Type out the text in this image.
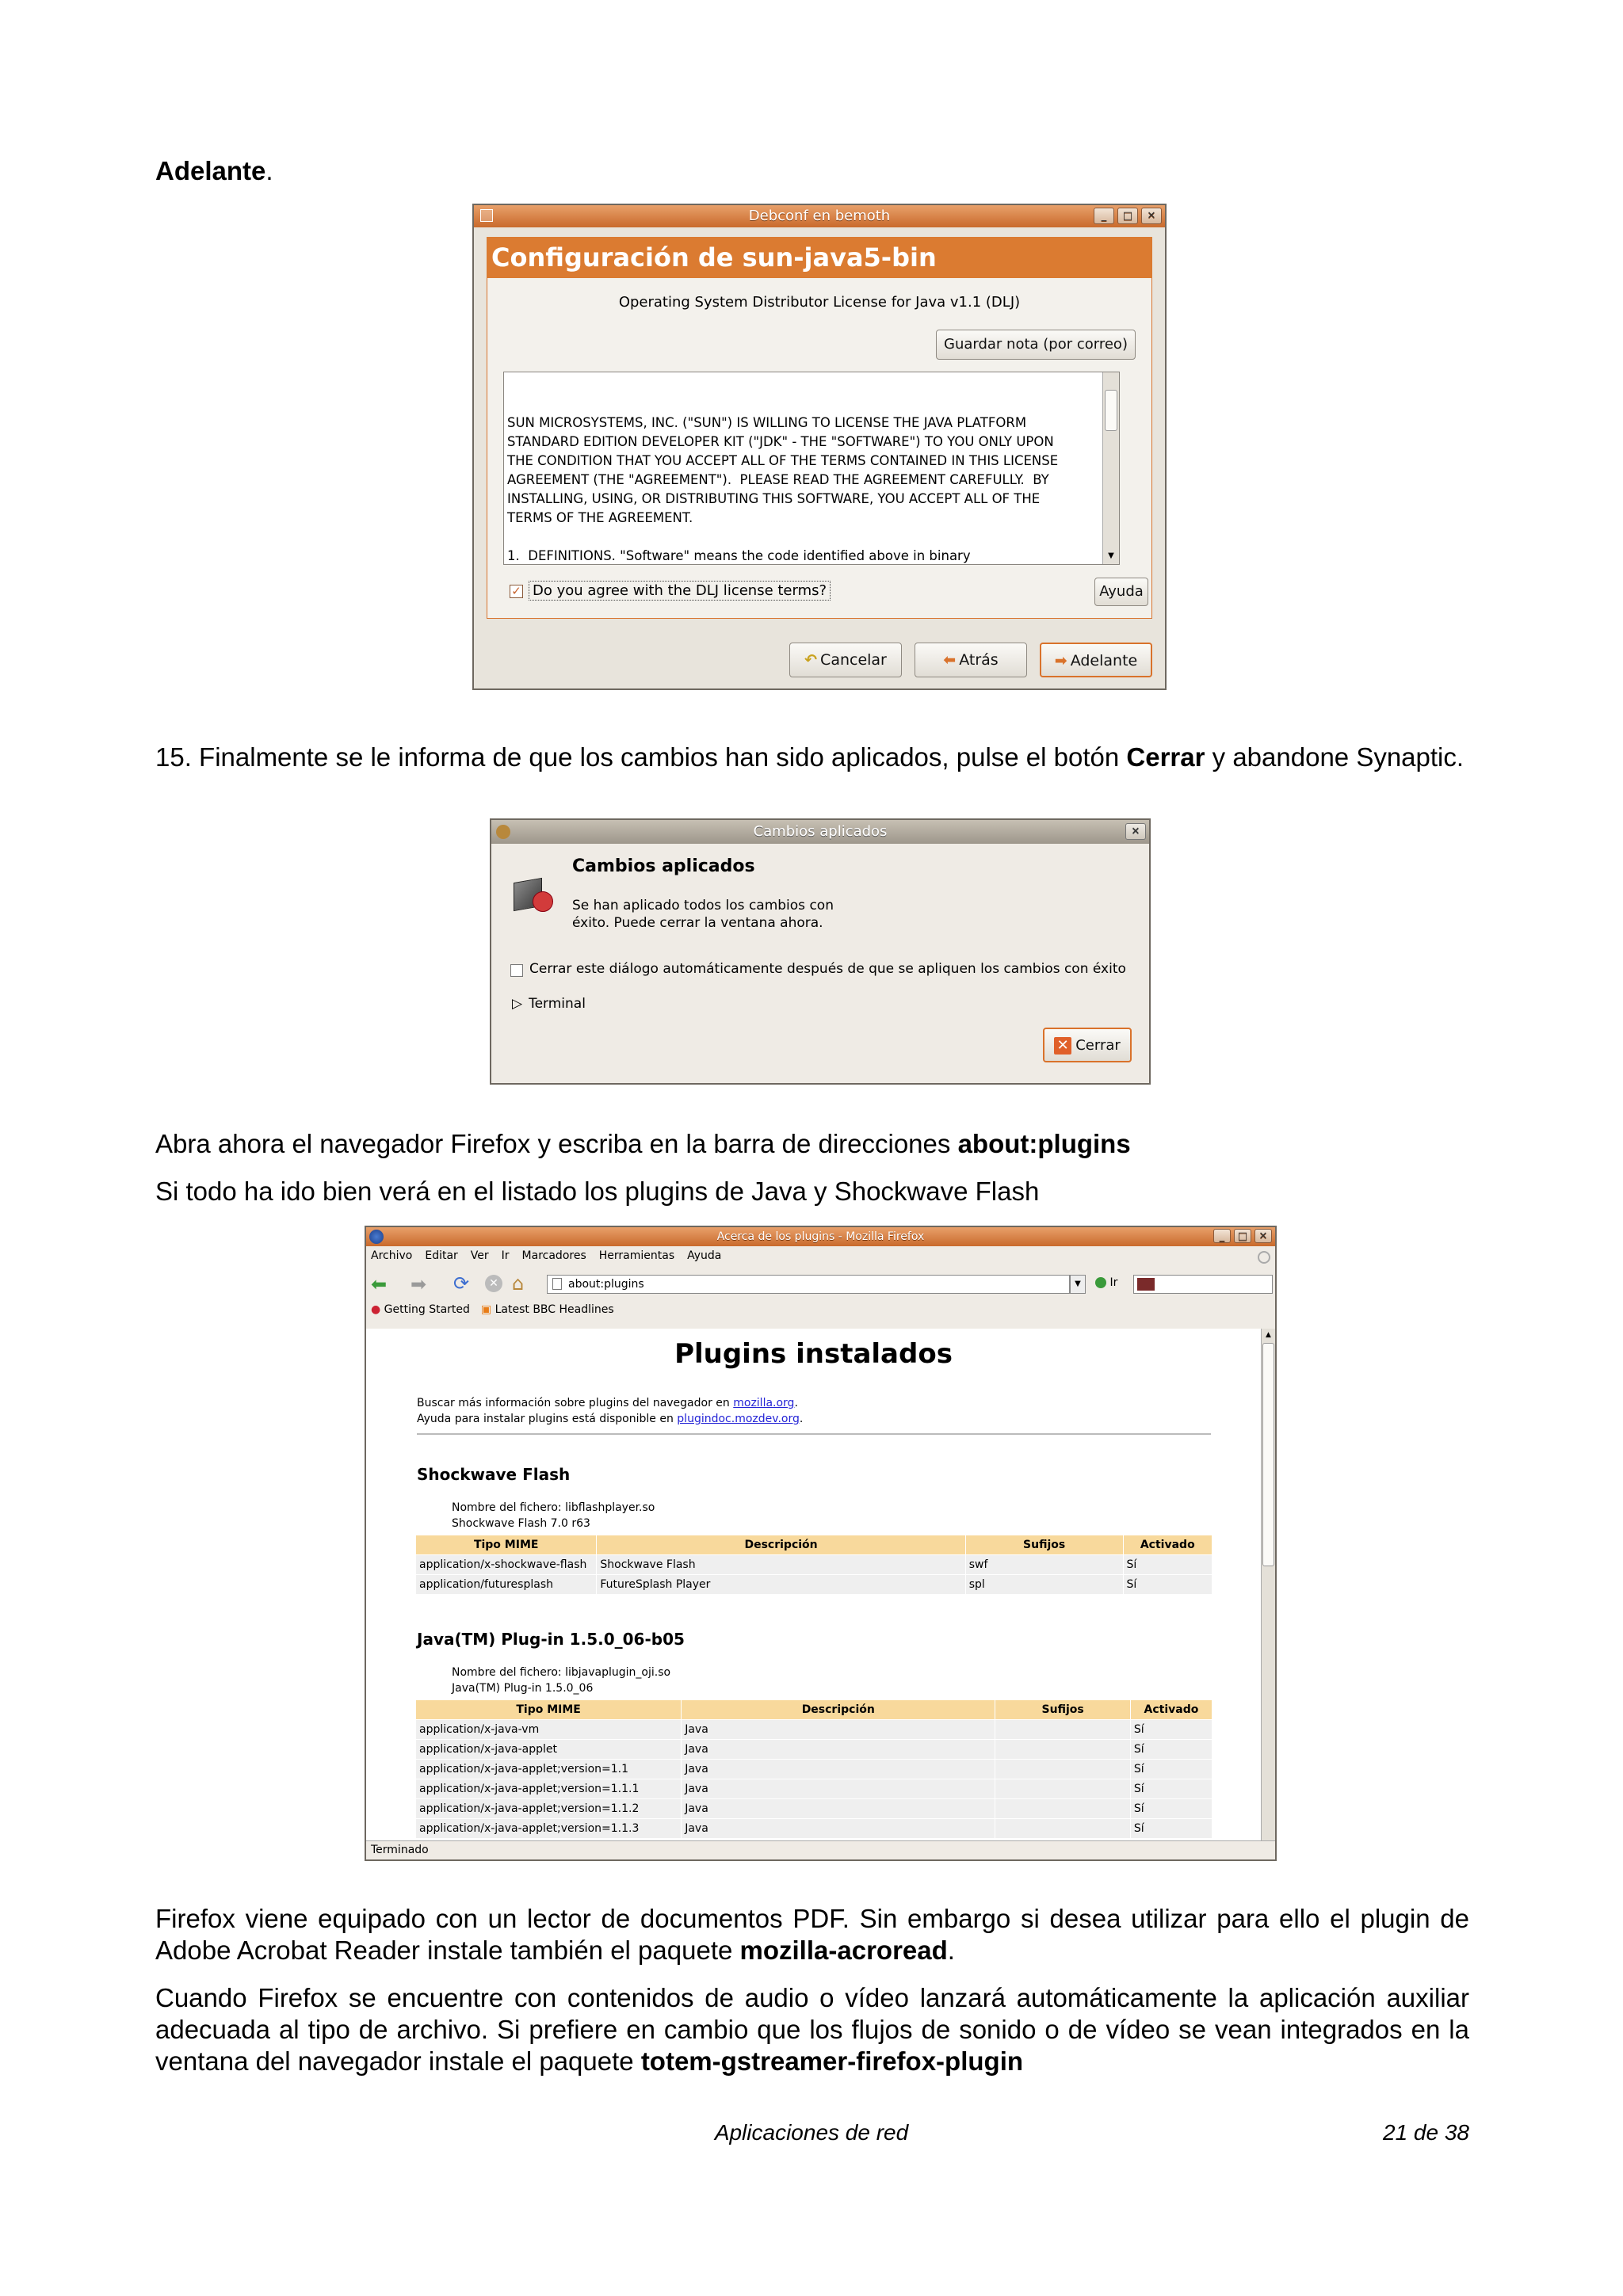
Adelante.

Debconf en bemoth	_	□	✕
Configuración de sun-java5-bin
Operating System Distributor License for Java v1.1 (DLJ)
Guardar nota (por correo)

SUN MICROSYSTEMS, INC. ("SUN") IS WILLING TO LICENSE THE JAVA PLATFORM
STANDARD EDITION DEVELOPER KIT ("JDK" - THE "SOFTWARE") TO YOU ONLY UPON
THE CONDITION THAT YOU ACCEPT ALL OF THE TERMS CONTAINED IN THIS LICENSE
AGREEMENT (THE "AGREEMENT").  PLEASE READ THE AGREEMENT CAREFULLY.  BY
INSTALLING, USING, OR DISTRIBUTING THIS SOFTWARE, YOU ACCEPT ALL OF THE
TERMS OF THE AGREEMENT.

1.  DEFINITIONS. "Software" means the code identified above in binary

	▼

✓ Do you agree with the DLJ license terms?	Ayuda
↶ Cancelar	⬅ Atrás	➡ Adelante

15. Finalmente se le informa de que los cambios han sido aplicados, pulse el botón Cerrar y abandone Synaptic.

Cambios aplicados	✕
Cambios aplicados
Se han aplicado todos los cambios con
éxito. Puede cerrar la ventana ahora.
Cerrar este diálogo automáticamente después de que se apliquen los cambios con éxito
▷ Terminal
✕ Cerrar

Abra ahora el navegador Firefox y escriba en la barra de direcciones about:plugins

Si todo ha ido bien verá en el listado los plugins de Java y Shockwave Flash

Acerca de los plugins - Mozilla Firefox	_	□	✕
Archivo Editar Ver Ir Marcadores Herramientas Ayuda
⬅ ➡ ⟳	✕ ⌂	about:plugins	▼	Ir
● Getting Started ▣ Latest BBC Headlines
Plugins instalados
Buscar más información sobre plugins del navegador en mozilla.org.
Ayuda para instalar plugins está disponible en plugindoc.mozdev.org.
Shockwave Flash
Nombre del fichero: libflashplayer.so
Shockwave Flash 7.0 r63
Tipo MIME	Descripción	Sufijos	Activado
application/x-shockwave-flash	Shockwave Flash	swf	Sí
application/futuresplash	FutureSplash Player	spl	Sí
Java(TM) Plug-in 1.5.0_06-b05
Nombre del fichero: libjavaplugin_oji.so
Java(TM) Plug-in 1.5.0_06
Tipo MIME	Descripción	Sufijos	Activado
application/x-java-vm	Java		Sí
application/x-java-applet	Java		Sí
application/x-java-applet;version=1.1	Java		Sí
application/x-java-applet;version=1.1.1	Java		Sí
application/x-java-applet;version=1.1.2	Java		Sí
application/x-java-applet;version=1.1.3	Java		Sí
▲
Terminado

Firefox viene equipado con un lector de documentos PDF. Sin embargo si desea utilizar para ello el plugin de Adobe Acrobat Reader instale también el paquete mozilla-acroread.

Cuando Firefox se encuentre con contenidos de audio o vídeo lanzará automáticamente la aplicación auxiliar adecuada al tipo de archivo. Si prefiere en cambio que los flujos de sonido o de vídeo se vean integrados en la ventana del navegador instale el paquete totem-gstreamer-firefox-plugin

Aplicaciones de red	21 de 38
